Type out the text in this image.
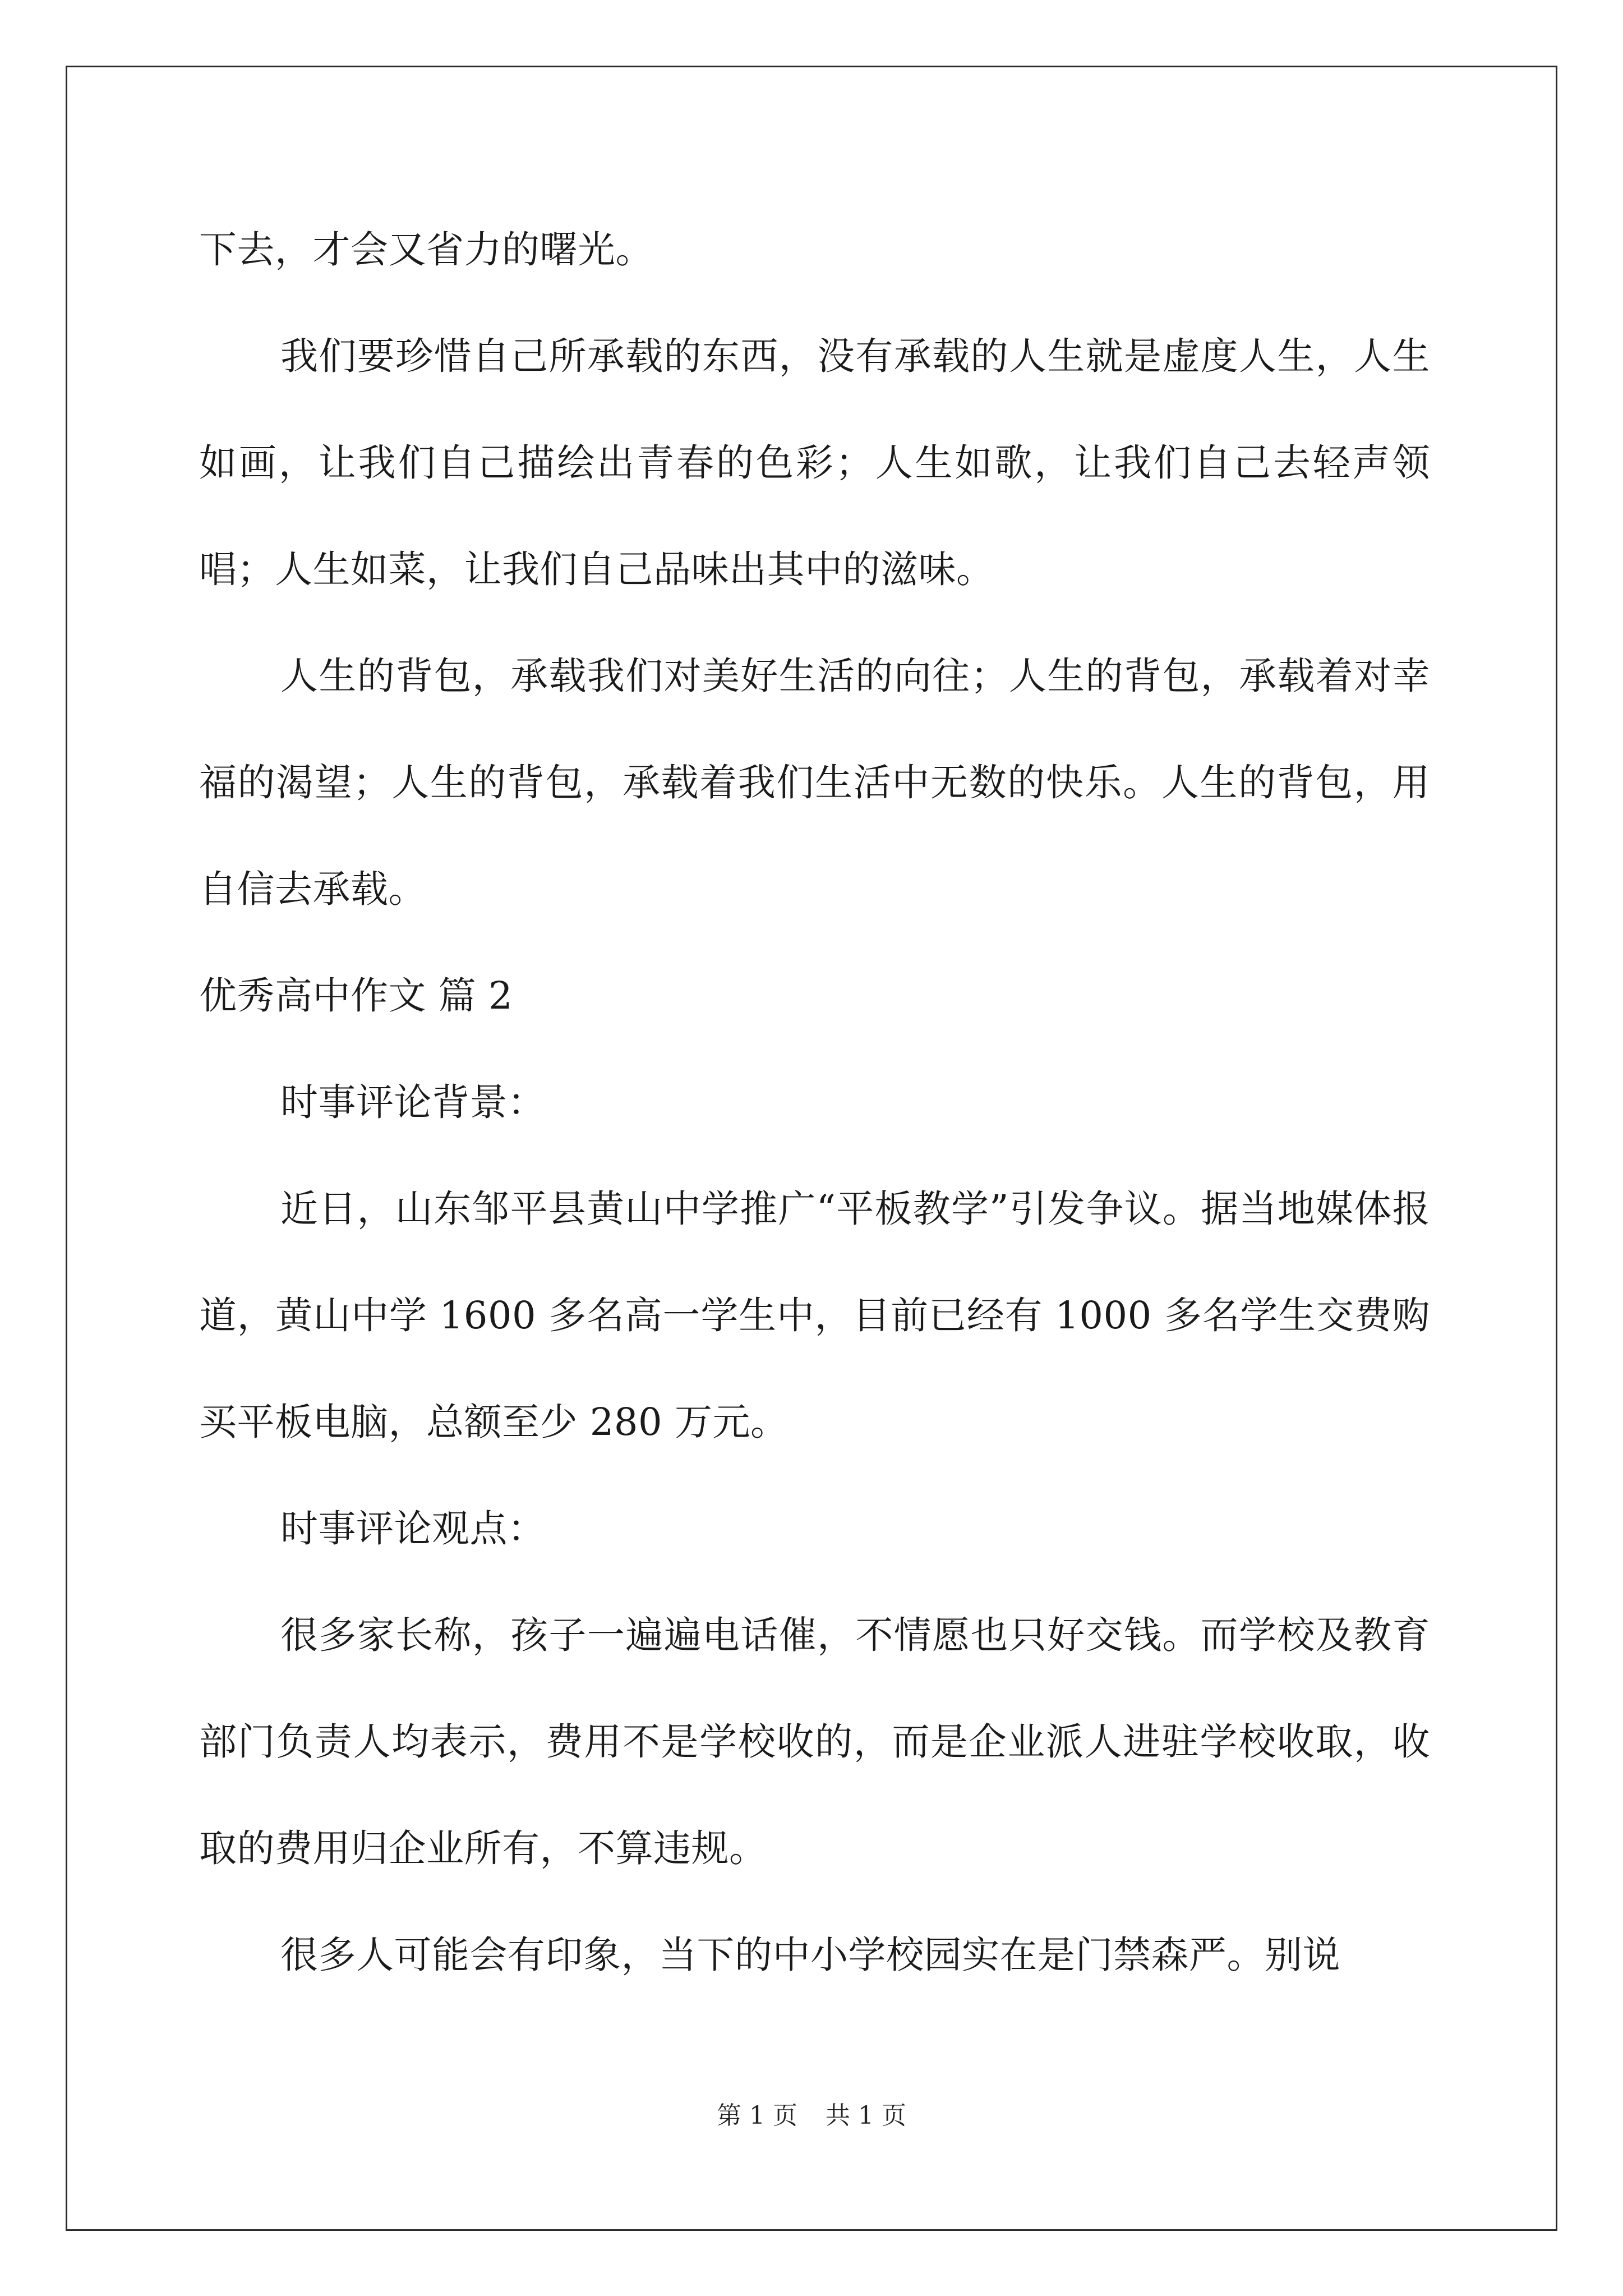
下去，才会又省力的曙光。

我们要珍惜自己所承载的东西，没有承载的人生就是虚度人生，人生如画，让我们自己描绘出青春的色彩；人生如歌，让我们自己去轻声领唱；人生如菜，让我们自己品味出其中的滋味。

人生的背包，承载我们对美好生活的向往；人生的背包，承载着对幸福的渴望；人生的背包，承载着我们生活中无数的快乐。人生的背包，用自信去承载。

优秀高中作文 篇 2

时事评论背景：

近日，山东邹平县黄山中学推广“平板教学”引发争议。据当地媒体报道，黄山中学 1600 多名高一学生中，目前已经有 1000 多名学生交费购买平板电脑，总额至少 280 万元。

时事评论观点：

很多家长称，孩子一遍遍电话催，不情愿也只好交钱。而学校及教育部门负责人均表示，费用不是学校收的，而是企业派人进驻学校收取，收取的费用归企业所有，不算违规。

很多人可能会有印象，当下的中小学校园实在是门禁森严。别说

第 1 页 共 1 页
